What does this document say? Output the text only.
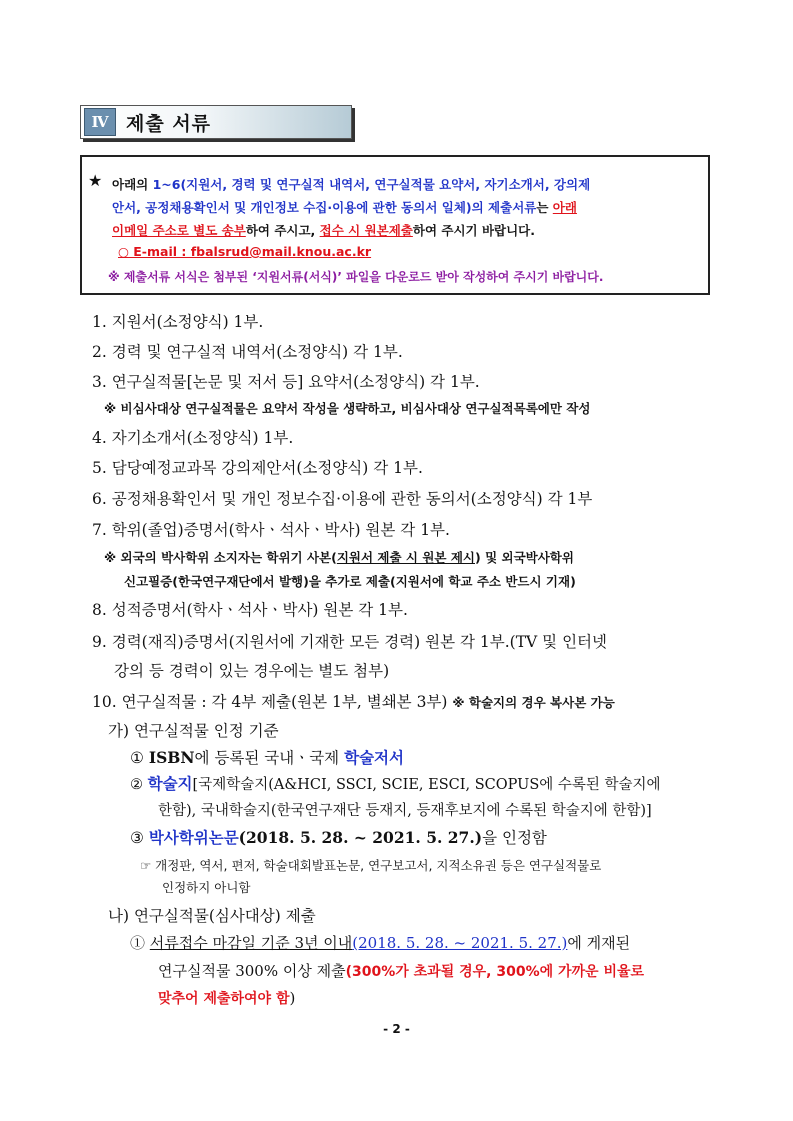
Ⅳ 제출 서류
★ 아래의 1~6(지원서, 경력 및 연구실적 내역서, 연구실적물 요약서, 자기소개서, 강의제
안서, 공정채용확인서 및 개인정보 수집·이용에 관한 동의서 일체)의 제출서류는 아래
이메일 주소로 별도 송부하여 주시고, 접수 시 원본제출하여 주시기 바랍니다.
○ E-mail : fbalsrud@mail.knou.ac.kr
※ 제출서류 서식은 첨부된 ‘지원서류(서식)’ 파일을 다운로드 받아 작성하여 주시기 바랍니다.
1. 지원서(소정양식) 1부.
2. 경력 및 연구실적 내역서(소정양식) 각 1부.
3. 연구실적물[논문 및 저서 등] 요약서(소정양식) 각 1부.
※ 비심사대상 연구실적물은 요약서 작성을 생략하고, 비심사대상 연구실적목록에만 작성
4. 자기소개서(소정양식) 1부.
5. 담당예정교과목 강의제안서(소정양식) 각 1부.
6. 공정채용확인서 및 개인 정보수집·이용에 관한 동의서(소정양식) 각 1부
7. 학위(졸업)증명서(학사ㆍ석사ㆍ박사) 원본 각 1부.
※ 외국의 박사학위 소지자는 학위기 사본(지원서 제출 시 원본 제시) 및 외국박사학위
신고필증(한국연구재단에서 발행)을 추가로 제출(지원서에 학교 주소 반드시 기재)
8. 성적증명서(학사ㆍ석사ㆍ박사) 원본 각 1부.
9. 경력(재직)증명서(지원서에 기재한 모든 경력) 원본 각 1부.(TV 및 인터넷
강의 등 경력이 있는 경우에는 별도 첨부)
10. 연구실적물 : 각 4부 제출(원본 1부, 별쇄본 3부) ※ 학술지의 경우 복사본 가능
가) 연구실적물 인정 기준
① ISBN에 등록된 국내ㆍ국제 학술저서
② 학술지[국제학술지(A&HCI, SSCI, SCIE, ESCI, SCOPUS에 수록된 학술지에
한함), 국내학술지(한국연구재단 등재지, 등재후보지에 수록된 학술지에 한함)]
③ 박사학위논문(2018. 5. 28. ~ 2021. 5. 27.)을 인정함
☞ 개정판, 역서, 편저, 학술대회발표논문, 연구보고서, 지적소유권 등은 연구실적물로
인정하지 아니함
나) 연구실적물(심사대상) 제출
① 서류접수 마감일 기준 3년 이내(2018. 5. 28. ~ 2021. 5. 27.)에 게재된
연구실적물 300% 이상 제출(300%가 초과될 경우, 300%에 가까운 비율로
맞추어 제출하여야 함)
- 2 -
